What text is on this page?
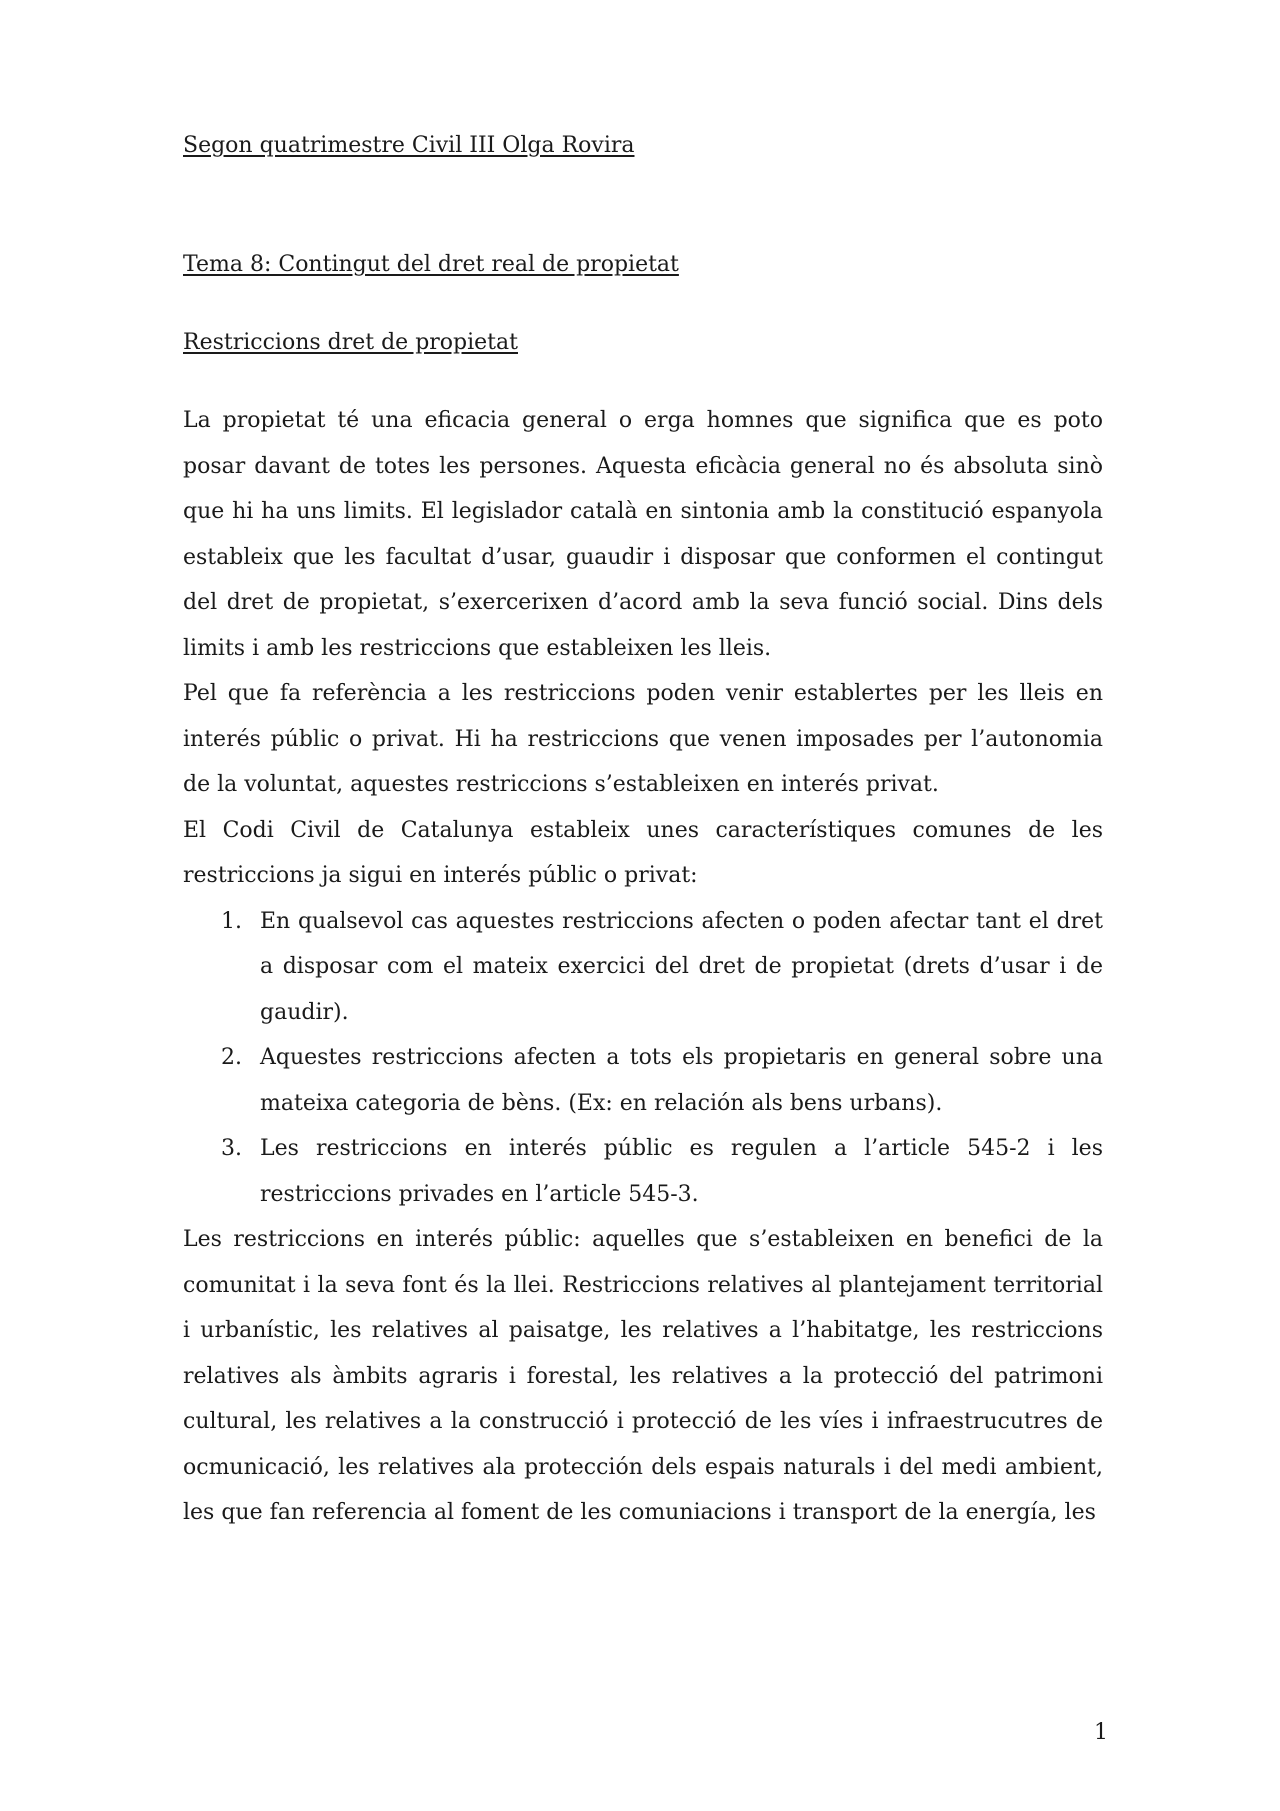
Segon quatrimestre Civil III Olga Rovira
Tema 8: Contingut del dret real de propietat
Restriccions dret de propietat

La propietat té una eficacia general o erga homnes que significa que es poto posar davant de totes les persones. Aquesta eficàcia general no és absoluta sinò que hi ha uns limits. El legislador català en sintonia amb la constitució espanyola estableix que les facultat d’usar, guaudir i disposar que conformen el contingut del dret de propietat, s’exercerixen d’acord amb la seva funció social. Dins dels limits i amb les restriccions que estableixen les lleis.

Pel que fa referència a les restriccions poden venir establertes per les lleis en interés públic o privat. Hi ha restriccions que venen imposades per l’autonomia de la voluntat, aquestes restriccions s’estableixen en interés privat.

El Codi Civil de Catalunya estableix unes característiques comunes de les restriccions ja sigui en interés públic o privat:

1. En qualsevol cas aquestes restriccions afecten o poden afectar tant el dret a disposar com el mateix exercici del dret de propietat (drets d’usar i de gaudir).
2. Aquestes restriccions afecten a tots els propietaris en general sobre una mateixa categoria de bèns. (Ex: en relación als bens urbans).
3. Les restriccions en interés públic es regulen a l’article 545-2 i les restriccions privades en l’article 545-3.

Les restriccions en interés públic: aquelles que s’estableixen en benefici de la comunitat i la seva font és la llei. Restriccions relatives al plantejament territorial i urbanístic, les relatives al paisatge, les relatives a l’habitatge, les restriccions relatives als àmbits agraris i forestal, les relatives a la protecció del patrimoni cultural, les relatives a la construcció i protecció de les víes i infraestrucutres de ocmunicació, les relatives ala protección dels espais naturals i del medi ambient, les que fan referencia al foment de les comuniacions i transport de la energía, les

1
